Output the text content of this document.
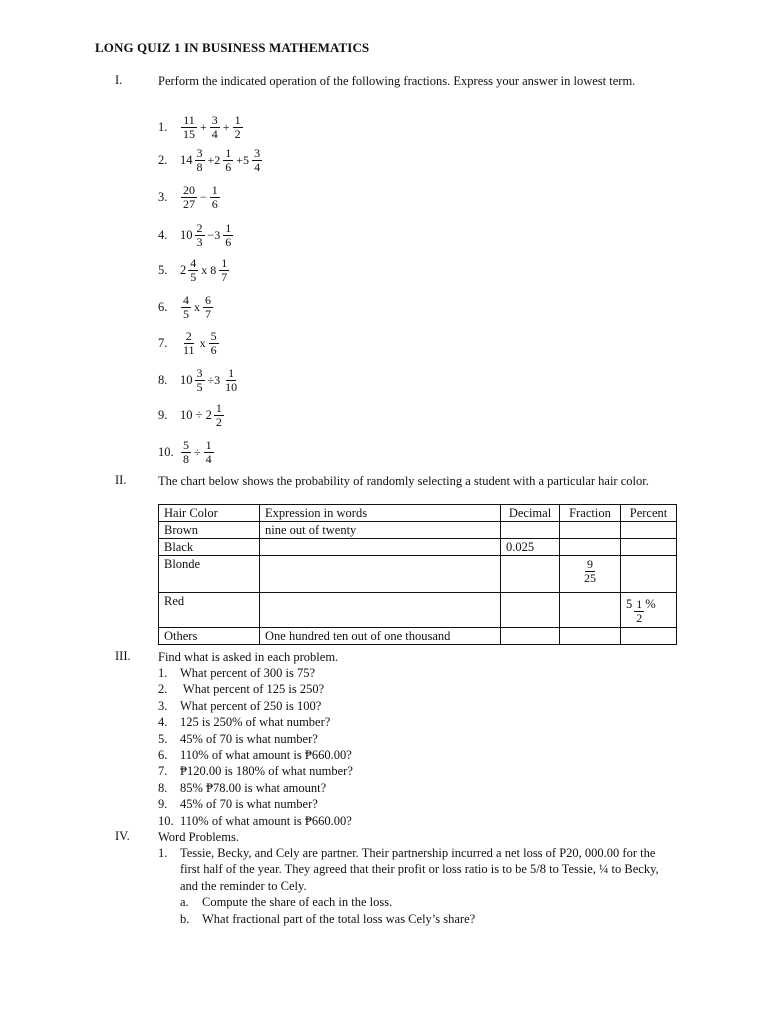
LONG QUIZ 1 IN BUSINESS MATHEMATICS
I.	Perform the indicated operation of the following fractions. Express your answer in lowest term.
1.	$\frac{11}{15} + \frac{3}{4} + \frac{1}{2}$
2.	$14 \frac{3}{8} +2 \frac{1}{6} +5 \frac{3}{4}$
3.	$\frac{20}{27} - \frac{1}{6}$
4.	$10 \frac{2}{3} -3 \frac{1}{6}$
5.	$2 \frac{4}{5}$ x $8 \frac{1}{7}$
6.	$\frac{4}{5}$ x $\frac{6}{7}$
7.	$\frac{2}{11}$ x $\frac{5}{6}$
8.	$10 \frac{3}{5} \div 3 \frac{1}{10}$
9.	$10 \div 2 \frac{1}{2}$
10. $\frac{5}{8} \div \frac{1}{4}$
II.	The chart below shows the probability of randomly selecting a student with a particular hair color.
Hair Color	Expression in words	Decimal	Fraction	Percent
Brown	nine out of twenty			
Black		0.025		
Blonde			$\frac{9}{25}$

Red				$5 \frac{1}{2}$ %
Others	One hundred ten out of one thousand			
III. Find what is asked in each problem.
1.	What percent of 300 is 75?
2.	What percent of 125 is 250?
3.	What percent of 250 is 100?
4.	125 is 250% of what number?
5.	45% of 70 is what number?
6.	110% of what amount is ₱660.00?
7.	₱120.00 is 180% of what number?
8.	85% ₱78.00 is what amount?
9.	45% of 70 is what number?
10. 110% of what amount is ₱660.00?
IV. Word Problems.
1.	Tessie, Becky, and Cely are partner. Their partnership incurred a net loss of P20, 000.00 for the first half of the year. They agreed that their profit or loss ratio is to be 5/8 to Tessie, ¼ to Becky, and the reminder to Cely.
a.	Compute the share of each in the loss.
b.	What fractional part of the total loss was Cely’s share?
